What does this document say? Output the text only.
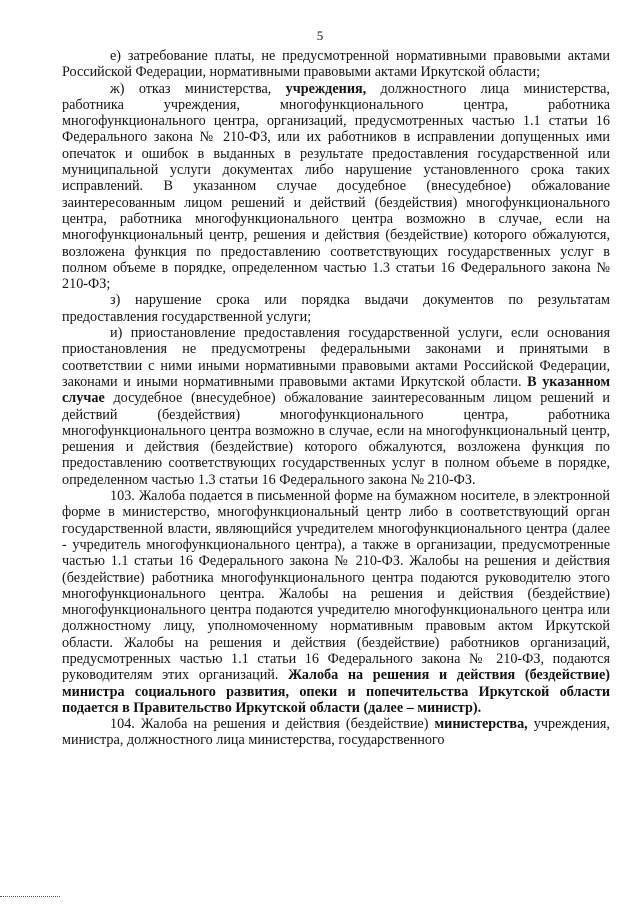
5

е) затребование платы, не предусмотренной нормативными правовыми актами Российской Федерации, нормативными правовыми актами Иркутской области;

ж) отказ министерства, учреждения, должностного лица министерства, работника учреждения, многофункционального центра, работника многофункционального центра, организаций, предусмотренных частью 1.1 статьи 16 Федерального закона № 210-ФЗ, или их работников в исправлении допущенных ими опечаток и ошибок в выданных в результате предоставления государственной или муниципальной услуги документах либо нарушение установленного срока таких исправлений. В указанном случае досудебное (внесудебное) обжалование заинтересованным лицом решений и действий (бездействия) многофункционального центра, работника многофункционального центра возможно в случае, если на многофункциональный центр, решения и действия (бездействие) которого обжалуются, возложена функция по предоставлению соответствующих государственных услуг в полном объеме в порядке, определенном частью 1.3 статьи 16 Федерального закона № 210-ФЗ;

з) нарушение срока или порядка выдачи документов по результатам предоставления государственной услуги;

и) приостановление предоставления государственной услуги, если основания приостановления не предусмотрены федеральными законами и принятыми в соответствии с ними иными нормативными правовыми актами Российской Федерации, законами и иными нормативными правовыми актами Иркутской области. В указанном случае досудебное (внесудебное) обжалование заинтересованным лицом решений и действий (бездействия) многофункционального центра, работника многофункционального центра возможно в случае, если на многофункциональный центр, решения и действия (бездействие) которого обжалуются, возложена функция по предоставлению соответствующих государственных услуг в полном объеме в порядке, определенном частью 1.3 статьи 16 Федерального закона № 210-ФЗ.

103. Жалоба подается в письменной форме на бумажном носителе, в электронной форме в министерство, многофункциональный центр либо в соответствующий орган государственной власти, являющийся учредителем многофункционального центра (далее - учредитель многофункционального центра), а также в организации, предусмотренные частью 1.1 статьи 16 Федерального закона № 210-ФЗ. Жалобы на решения и действия (бездействие) работника многофункционального центра подаются руководителю этого многофункционального центра. Жалобы на решения и действия (бездействие) многофункционального центра подаются учредителю многофункционального центра или должностному лицу, уполномоченному нормативным правовым актом Иркутской области. Жалобы на решения и действия (бездействие) работников организаций, предусмотренных частью 1.1 статьи 16 Федерального закона № 210-ФЗ, подаются руководителям этих организаций. Жалоба на решения и действия (бездействие) министра социального развития, опеки и попечительства Иркутской области подается в Правительство Иркутской области (далее – министр).

104. Жалоба на решения и действия (бездействие) министерства, учреждения, министра, должностного лица министерства, государственного
